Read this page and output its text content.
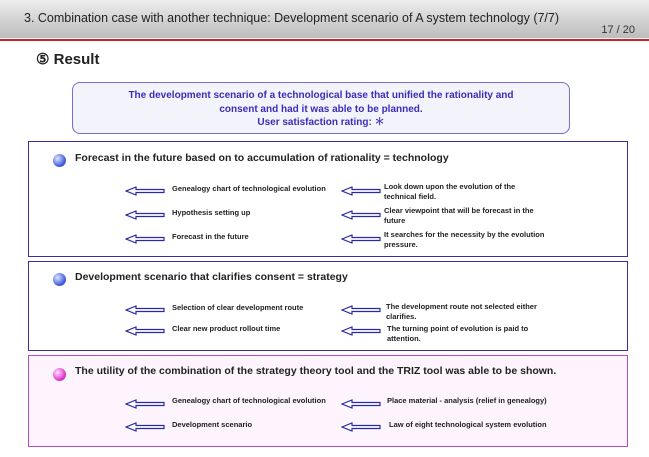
3. Combination case with another technique: Development scenario of A system technology (7/7)
17 / 20
⑤ Result
The development scenario of a technological base that unified the rationality and
consent and had it was able to be planned.
User satisfaction rating: ＊
Forecast in the future based on to accumulation of rationality = technology
Genealogy chart of technological evolution	Look down upon the evolution of the technical field.
Hypothesis setting up	Clear viewpoint that will be forecast in the future
Forecast in the future	It searches for the necessity by the evolution pressure.
Development scenario that clarifies consent = strategy
Selection of clear development route	The development route not selected either clarifies.
Clear new product rollout time	The turning point of evolution is paid to attention.
The utility of the combination of the strategy theory tool and the TRIZ tool was able to be shown.
Genealogy chart of technological evolution	Place material - analysis (relief in genealogy)
Development scenario	Law of eight technological system evolution
